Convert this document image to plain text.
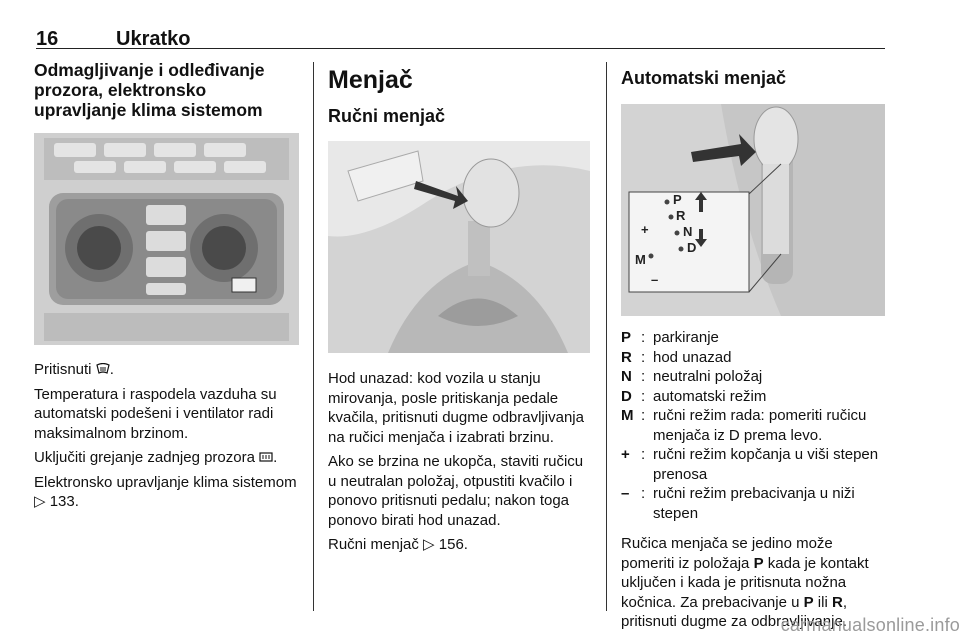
16	Ukratko
Odmagljivanje i odleđivanje prozora, elektronsko upravljanje klima sistemom

Pritisnuti .

Temperatura i raspodela vazduha su automatski podešeni i ventilator radi maksimalnom brzinom.

Uključiti grejanje zadnjeg prozora .

Elektronsko upravljanje klima sistemom ▷ 133.

Menjač
Ručni menjač

Hod unazad: kod vozila u stanju mirovanja, posle pritiskanja pedale kvačila, pritisnuti dugme odbravljivanja na ručici menjača i izabrati brzinu.

Ako se brzina ne ukopča, staviti ručicu u neutralan položaj, otpustiti kvačilo i ponovo pritisnuti pedalu; nakon toga ponovo birati hod unazad.

Ručni menjač ▷ 156.

Automatski menjač
P
R
N
D
M
+
–
P : parkiranje
R : hod unazad
N : neutralni položaj
D : automatski režim
M : ručni režim rada: pomeriti ručicu menjača iz D prema levo.
+ : ručni režim kopčanja u viši stepen prenosa
– : ručni režim prebacivanja u niži stepen

Ručica menjača se jedino može pomeriti iz položaja P kada je kontakt uključen i kada je pritisnuta nožna kočnica. Za prebacivanje u P ili R, pritisnuti dugme za odbravljivanje.

carmanualsonline.info
